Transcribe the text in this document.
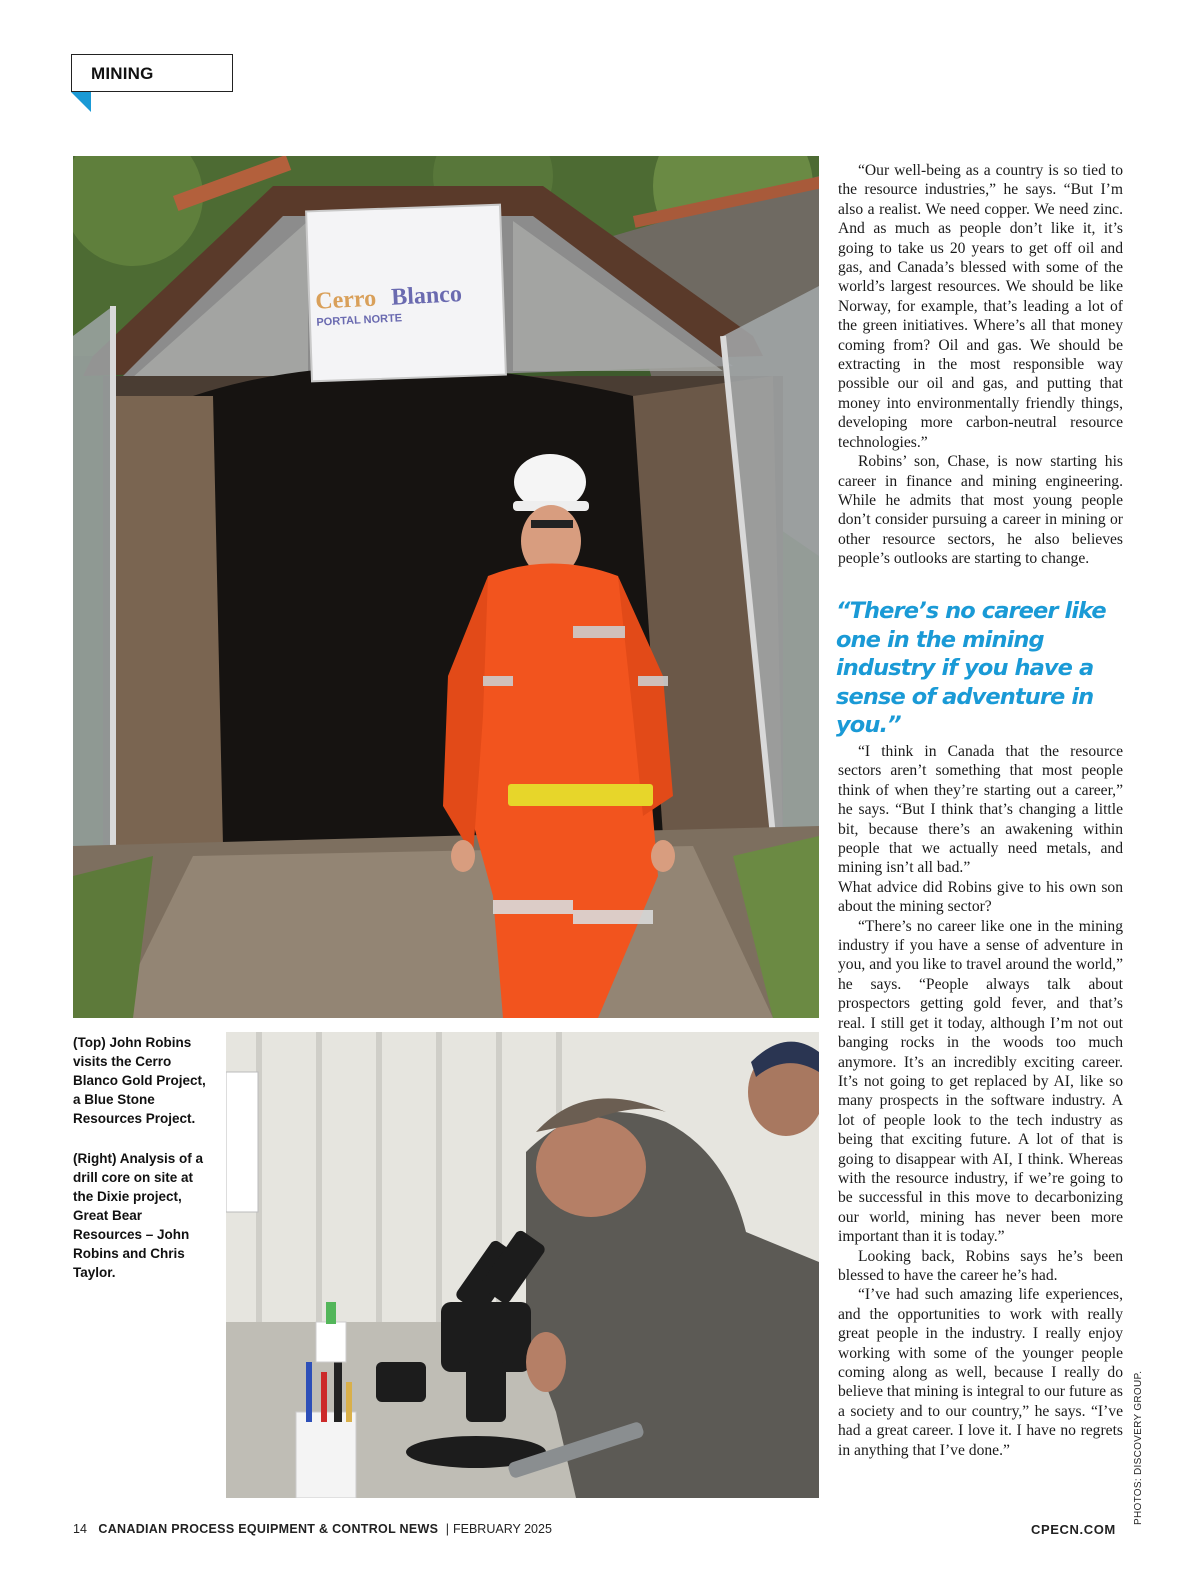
MINING
Cerro Blanco
PORTAL NORTE
(Top) John Robins visits the Cerro Blanco Gold Project, a Blue Stone Resources Project.
(Right) Analysis of a drill core on site at the Dixie project, Great Bear Resources – John Robins and Chris Taylor.

“Our well-being as a country is so tied to the resource industries,” he says. “But I’m also a realist. We need copper. We need zinc. And as much as people don’t like it, it’s going to take us 20 years to get off oil and gas, and Canada’s blessed with some of the world’s largest resources. We should be like Norway, for example, that’s leading a lot of the green initiatives. Where’s all that money coming from? Oil and gas. We should be extracting in the most responsible way possible our oil and gas, and putting that money into environmentally friendly things, developing more carbon-neutral resource technologies.”

Robins’ son, Chase, is now starting his career in finance and mining engineering. While he admits that most young people don’t consider pursuing a career in mining or other resource sectors, he also believes people’s outlooks are starting to change.

“There’s no career like one in the mining industry if you have a sense of adventure in you.”

“I think in Canada that the resource sectors aren’t something that most people think of when they’re starting out a career,” he says. “But I think that’s changing a little bit, because there’s an awakening within people that we actually need metals, and mining isn’t all bad.”

What advice did Robins give to his own son about the mining sector?

“There’s no career like one in the mining industry if you have a sense of adventure in you, and you like to travel around the world,” he says. “People always talk about prospectors getting gold fever, and that’s real. I still get it today, although I’m not out banging rocks in the woods too much anymore. It’s an incredibly exciting career. It’s not going to get replaced by AI, like so many prospects in the software industry. A lot of people look to the tech industry as being that exciting future. A lot of that is going to disappear with AI, I think. Whereas with the resource industry, if we’re going to be successful in this move to decarbonizing our world, mining has never been more important than it is today.”

Looking back, Robins says he’s been blessed to have the career he’s had.

“I’ve had such amazing life experiences, and the opportunities to work with really great people in the industry. I really enjoy working with some of the younger people coming along as well, because I really do believe that mining is integral to our future as a society and to our country,” he says. “I’ve had a great career. I love it. I have no regrets in anything that I’ve done.”	PHOTOS: DISCOVERY GROUP.
14 CANADIAN PROCESS EQUIPMENT & CONTROL NEWS | FEBRUARY 2025	CPECN.COM
